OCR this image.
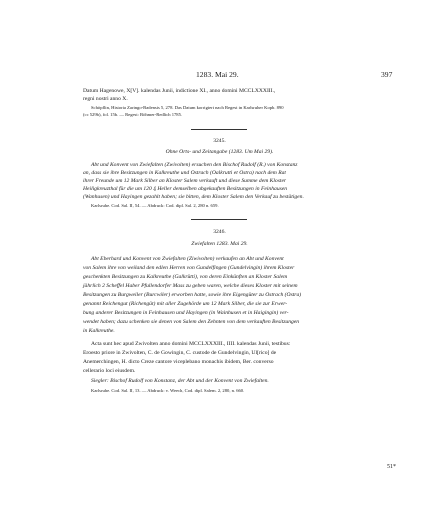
1283. Mai 29.	397
Datum Hagenowe, X[V]. kalendas Junii, indictione XI., anno domini MCCLXXXIII.,
regni nostri anno X.
Schöpflin, Historia Zaringo-Badensis 5, 278. Das Datum korrigiert nach Regest in Karlsruher Kopb. 890
(cc 529b), fol. 15b. — Regest: Böhmer-Redlich 1785.
3245.
Ohne Orts- und Zeitangabe (1283. Um Mai 29).
Abt und Konvent von Zwiefalten (Zwivolten) ersuchen den Bischof Rudolf (R.) von Konstanz
an, dass sie ihre Besitzungen in Kalkreuthe und Ostrach (Oalkrutti et Ostra) nach dem Rat
ihrer Freunde um 12 Mark Silber an Kloster Salem verkauft und diese Summe dem Kloster
Heiligkreuzthal für die um 120 ₰ Heller demselben abgekauften Besitzungen in Feinhausen
(Wanhusen) und Hayingen gezahlt haben; sie bitten, dem Kloster Salem den Verkauf zu bestätigen.
Karlsruhe. Cod. Sal. II, 54. — Abdruck: Cod. dipl. Sal. 2, 280 n. 659.
3246.
Zwiefalten 1283. Mai 29.
Abt Eberhard und Konvent von Zwiefalten (Ziwivolten) verkaufen an Abt und Konvent
von Salem ihre von weiland den edlen Herren von Gundelfingen (Gundelvingin) ihrem Kloster
geschenkten Besitzungen zu Kalkreuthe (Galkrütti), von deren Einkünften an Kloster Salem
jährlich 2 Scheffel Haber Pfullendorfer Mass zu geben waren, welche dieses Kloster mit seinem
Besitzungen zu Burgweiler (Burcwiler) erworben hatte, sowie ihre Eigengüter zu Ostrach (Ostra)
genannt Reichengut (Richengût) mit aller Zugehörde um 12 Mark Silber, die sie zur Erwer-
bung anderer Besitzungen in Feinhausen und Hayingen (in Wainhusen et in Haigingin) ver-
wendet haben; dazu schenken sie denen von Salem den Zehnten von dem verkauften Besitzungen
in Kalkreuthe.
Acta sunt hec apud Zwivolten anno domini MCCLXXXIII., IIII. kalendas Junii, testibus:
Eroesto priore in Zwivolten, C. de Gowingin, C. custode de Gundelvingin, Ul[rico] de
Anemerchingen, H. dicto Creze cantore viceplebano monachis ibidem, Ber. converso
cellerario loci eiusdem.
Siegler: Bischof Rudolf von Konstanz, der Abt und der Konvent von Zwiefalten.
Karlsruhe. Cod. Sal. II, 13. — Abdruck: v. Weech, Cod. dipl. Salem. 2, 280, n. 660.
51*
